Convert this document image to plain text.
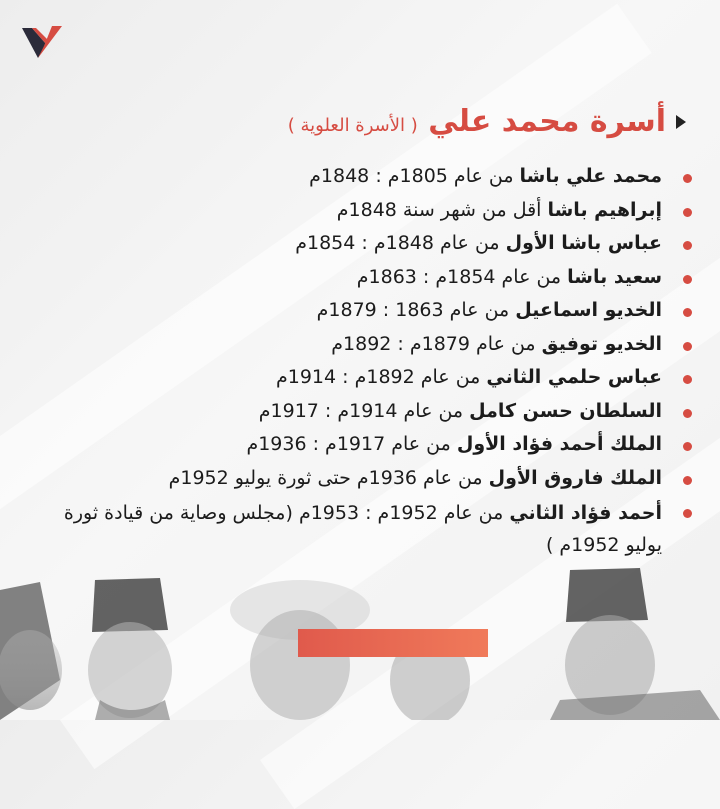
أسرة محمد علي ( الأسرة العلوية )
محمد علي باشا من عام 1805م : 1848م
إبراهيم باشا أقل من شهر سنة 1848م
عباس باشا الأول من عام 1848م : 1854م
سعيد باشا من عام 1854م : 1863م
الخديو اسماعيل من عام 1863 : 1879م
الخديو توفيق من عام 1879م : 1892م
عباس حلمي الثاني من عام 1892م : 1914م
السلطان حسن كامل من عام 1914م : 1917م
الملك أحمد فؤاد الأول من عام 1917م : 1936م
الملك فاروق الأول من عام 1936م حتى ثورة يوليو 1952م
أحمد فؤاد الثاني من عام 1952م : 1953م (مجلس وصاية من قيادة ثورة يوليو 1952م )
